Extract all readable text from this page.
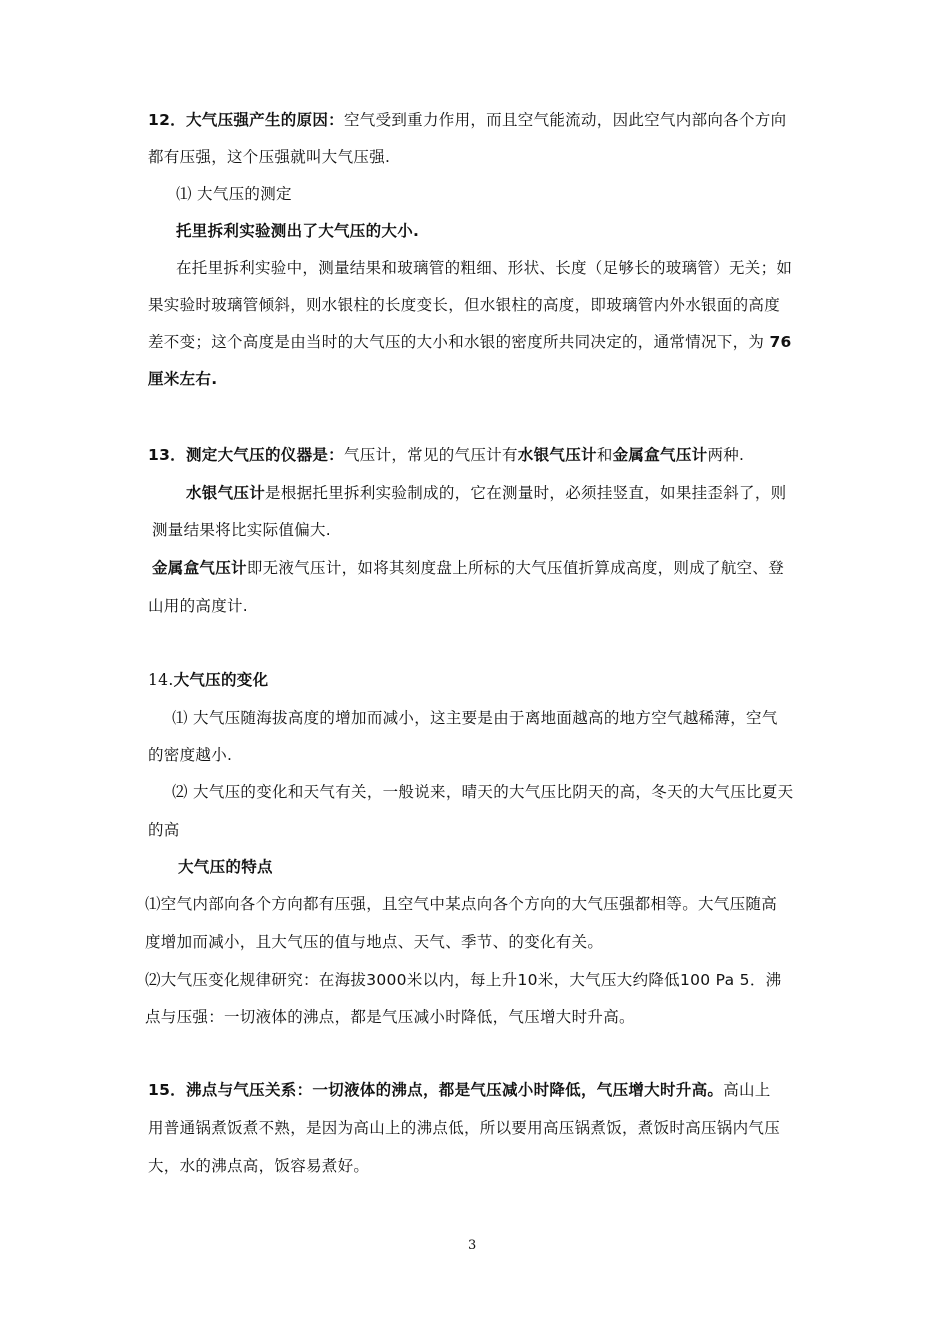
12．大气压强产生的原因：空气受到重力作用，而且空气能流动，因此空气内部向各个方向
都有压强，这个压强就叫大气压强.
⑴ 大气压的测定
托里拆利实验测出了大气压的大小.
在托里拆利实验中，测量结果和玻璃管的粗细、形状、长度（足够长的玻璃管）无关；如
果实验时玻璃管倾斜，则水银柱的长度变长，但水银柱的高度，即玻璃管内外水银面的高度
差不变；这个高度是由当时的大气压的大小和水银的密度所共同决定的，通常情况下，为 76
厘米左右.
13．测定大气压的仪器是：气压计，常见的气压计有水银气压计和金属盒气压计两种.
水银气压计是根据托里拆利实验制成的，它在测量时，必须挂竖直，如果挂歪斜了，则
测量结果将比实际值偏大.
金属盒气压计即无液气压计，如将其刻度盘上所标的大气压值折算成高度，则成了航空、登
山用的高度计.
14.大气压的变化
⑴ 大气压随海拔高度的增加而减小，这主要是由于离地面越高的地方空气越稀薄，空气
的密度越小.
⑵ 大气压的变化和天气有关，一般说来，晴天的大气压比阴天的高，冬天的大气压比夏天
的高
大气压的特点
⑴空气内部向各个方向都有压强，且空气中某点向各个方向的大气压强都相等。大气压随高
度增加而减小，且大气压的值与地点、天气、季节、的变化有关。
⑵大气压变化规律研究：在海拔3000米以内，每上升10米，大气压大约降低100 Pa 5．沸
点与压强：一切液体的沸点，都是气压减小时降低，气压增大时升高。
15．沸点与气压关系：一切液体的沸点，都是气压减小时降低，气压增大时升高。高山上
用普通锅煮饭煮不熟，是因为高山上的沸点低，所以要用高压锅煮饭，煮饭时高压锅内气压
大，水的沸点高，饭容易煮好。
3
